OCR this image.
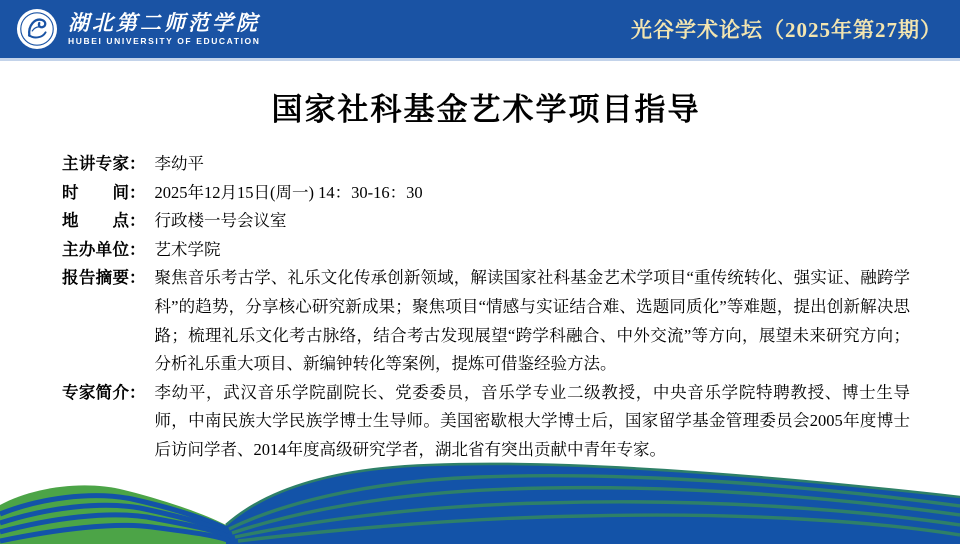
湖北第二师范学院
HUBEI UNIVERSITY OF EDUCATION	光谷学术论坛（2025年第27期）
国家社科基金艺术学项目指导
主讲专家： 李幼平
时间： 2025年12月15日(周一) 14：30-16：30
地点： 行政楼一号会议室
主办单位： 艺术学院
报告摘要： 聚焦音乐考古学、礼乐文化传承创新领域，解读国家社科基金艺术学项目“重传统转化、强实证、融跨学科”的趋势，分享核心研究新成果；聚焦项目“情感与实证结合难、选题同质化”等难题，提出创新解决思路；梳理礼乐文化考古脉络，结合考古发现展望“跨学科融合、中外交流”等方向，展望未来研究方向；分析礼乐重大项目、新编钟转化等案例，提炼可借鉴经验方法。
专家简介： 李幼平，武汉音乐学院副院长、党委委员，音乐学专业二级教授，中央音乐学院特聘教授、博士生导师，中南民族大学民族学博士生导师。美国密歇根大学博士后，国家留学基金管理委员会2005年度博士后访问学者、2014年度高级研究学者，湖北省有突出贡献中青年专家。
